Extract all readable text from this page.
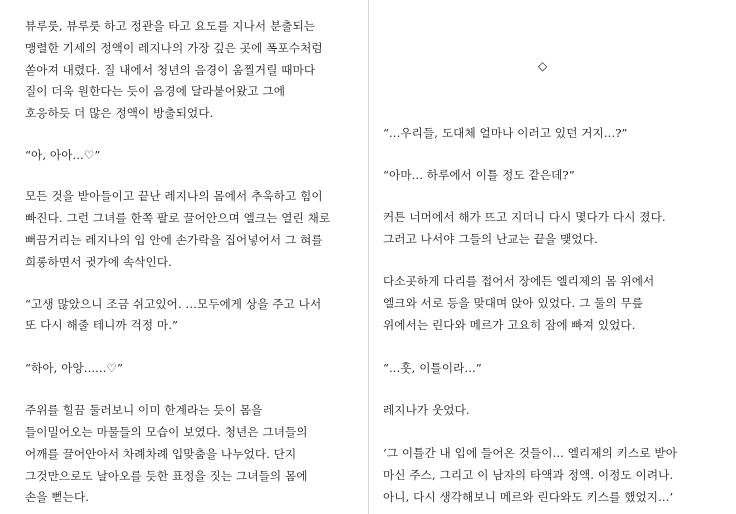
뷰루룻, 뷰루룻 하고 정관을 타고 요도를 지나서 분출되는
맹렬한 기세의 정액이 레지나의 가장 깊은 곳에 폭포수처럼
쏟아져 내렸다. 질 내에서 청년의 음경이 움찔거릴 때마다
질이 더욱 원한다는 듯이 음경에 달라붙어왔고 그에
호응하듯 더 많은 정액이 방출되었다.
“아, 아아...♡”
모든 것을 받아들이고 끝난 레지나의 몸에서 추욱하고 힘이
빠진다. 그런 그녀를 한쪽 팔로 끌어안으며 엘크는 열린 채로
뻐끔거리는 레지나의 입 안에 손가락을 집어넣어서 그 혀를
희롱하면서 귓가에 속삭인다.
“고생 많았으니 조금 쉬고있어. ...모두에게 상을 주고 나서
또 다시 해줄 테니까 걱정 마.”
“하아, 아앙......♡”
주위를 힐끔 둘러보니 이미 한계라는 듯이 몸을
들이밀어오는 마물들의 모습이 보였다. 청년은 그녀들의
어깨를 끌어안아서 차례차례 입맞춤을 나누었다. 단지
그것만으로도 날아오를 듯한 표정을 짓는 그녀들의 몸에
손을 뻗는다.
◇
“...우리들, 도대체 얼마나 이러고 있던 거지...?”
“아마... 하루에서 이틀 정도 같은데?”
커튼 너머에서 해가 뜨고 지더니 다시 몇다가 다시 졌다.
그러고 나서야 그들의 난교는 끝을 맺었다.
다소곳하게 다리를 접어서 장에든 엘리제의 몸 위에서
엘크와 서로 등을 맞대며 앉아 있었다. 그 둘의 무릎
위에서는 린다와 메르가 고요히 잠에 빠져 있었다.
“...훗, 이틀이라...”
레지나가 웃었다.
‘그 이틀간 내 입에 들어온 것들이... 엘리제의 키스로 받아
마신 주스, 그리고 이 남자의 타액과 정액. 이정도 이려나.
아니, 다시 생각해보니 메르와 린다와도 키스를 했었지...’
